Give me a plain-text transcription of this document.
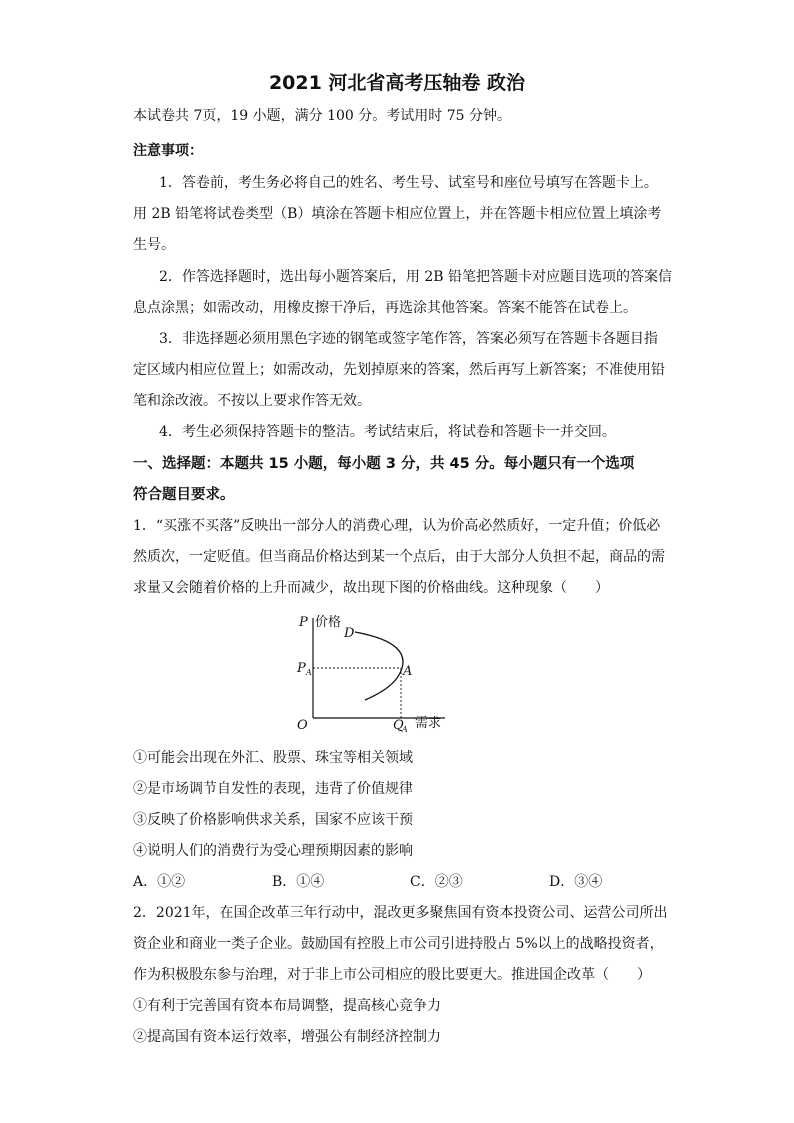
2021 河北省高考压轴卷 政治
本试卷共 7页，19 小题，满分 100 分。考试用时 75 分钟。
注意事项：
1．答卷前，考生务必将自己的姓名、考生号、试室号和座位号填写在答题卡上。
用 2B 铅笔将试卷类型（B）填涂在答题卡相应位置上，并在答题卡相应位置上填涂考
生号。
2．作答选择题时，选出每小题答案后，用 2B 铅笔把答题卡对应题目选项的答案信
息点涂黑；如需改动，用橡皮擦干净后，再选涂其他答案。答案不能答在试卷上。
3．非选择题必须用黑色字迹的钢笔或签字笔作答，答案必须写在答题卡各题目指
定区域内相应位置上；如需改动，先划掉原来的答案，然后再写上新答案；不准使用铅
笔和涂改液。不按以上要求作答无效。
4．考生必须保持答题卡的整洁。考试结束后，将试卷和答题卡一并交回。
一、选择题：本题共 15 小题，每小题 3 分，共 45 分。每小题只有一个选项
符合题目要求。
1．“买涨不买落”反映出一部分人的消费心理，认为价高必然质好，一定升值；价低必
然质次，一定贬值。但当商品价格达到某一个点后，由于大部分人负担不起，商品的需
求量又会随着价格的上升而减少，故出现下图的价格曲线。这种现象（　　）
P 价格
D
A
P A
O	Q
A 需求
①可能会出现在外汇、股票、珠宝等相关领域
②是市场调节自发性的表现，违背了价值规律
③反映了价格影响供求关系，国家不应该干预
④说明人们的消费行为受心理预期因素的影响
A．①②	B．①④	C．②③	D．③④
2．2021年，在国企改革三年行动中，混改更多聚焦国有资本投资公司、运营公司所出
资企业和商业一类子企业。鼓励国有控股上市公司引进持股占 5%以上的战略投资者，
作为积极股东参与治理，对于非上市公司相应的股比要更大。推进国企改革（　　）
①有利于完善国有资本布局调整，提高核心竞争力
②提高国有资本运行效率，增强公有制经济控制力
